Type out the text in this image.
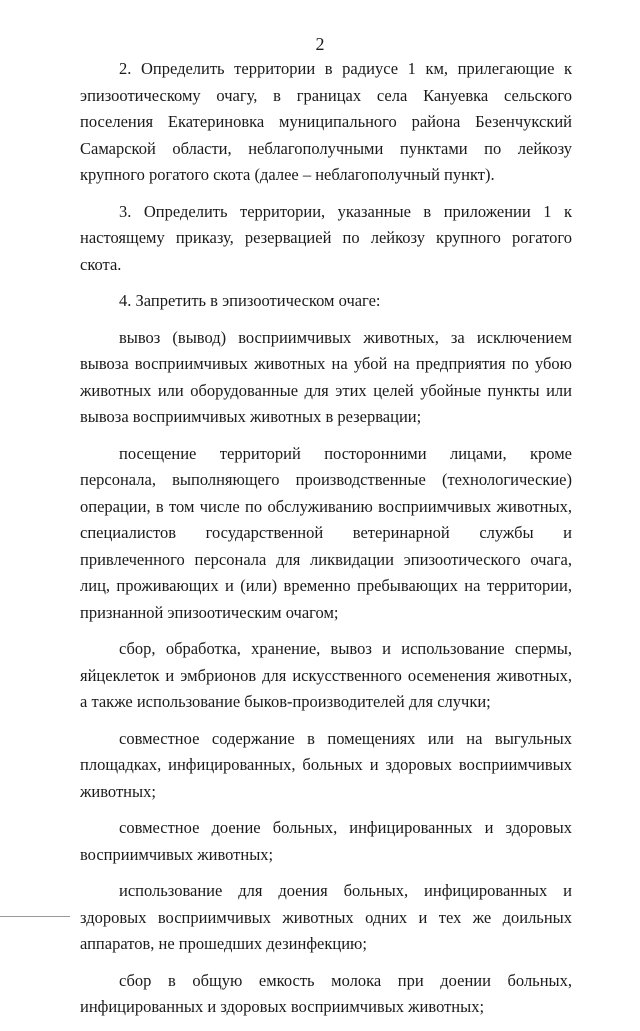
2

2. Определить территории в радиусе 1 км, прилегающие к эпизоотическому очагу, в границах села Кануевка сельского поселения Екатериновка муниципального района Безенчукский Самарской области, неблагополучными пунктами по лейкозу крупного рогатого скота (далее – неблагополучный пункт).

3. Определить территории, указанные в приложении 1 к настоящему приказу, резервацией по лейкозу крупного рогатого скота.

4. Запретить в эпизоотическом очаге:

вывоз (вывод) восприимчивых животных, за исключением вывоза восприимчивых животных на убой на предприятия по убою животных или оборудованные для этих целей убойные пункты или вывоза восприимчивых животных в резервации;

посещение территорий посторонними лицами, кроме персонала, выполняющего производственные (технологические) операции, в том числе по обслуживанию восприимчивых животных, специалистов государственной ветеринарной службы и привлеченного персонала для ликвидации эпизоотического очага, лиц, проживающих и (или) временно пребывающих на территории, признанной эпизоотическим очагом;

сбор, обработка, хранение, вывоз и использование спермы, яйцеклеток и эмбрионов для искусственного осеменения животных, а также использование быков-производителей для случки;

совместное содержание в помещениях или на выгульных площадках, инфицированных, больных и здоровых восприимчивых животных;

совместное доение больных, инфицированных и здоровых восприимчивых животных;

использование для доения больных, инфицированных и здоровых восприимчивых животных одних и тех же доильных аппаратов, не прошедших дезинфекцию;

сбор в общую емкость молока при доении больных, инфицированных и здоровых восприимчивых животных;
